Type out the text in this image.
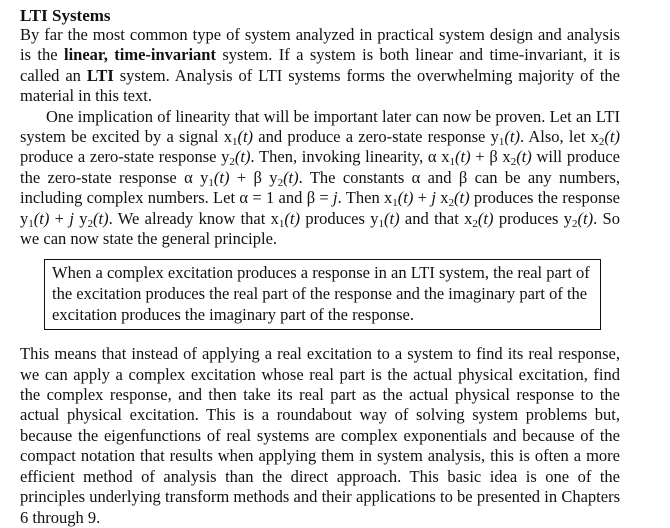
LTI Systems

By far the most common type of system analyzed in practical system design and analysis is the linear, time-invariant system. If a system is both linear and time-invariant, it is called an LTI system. Analysis of LTI systems forms the overwhelming majority of the material in this text.

One implication of linearity that will be important later can now be proven. Let an LTI system be excited by a signal $x_1(t)$ and produce a zero-state response $y_1(t)$. Also, let $x_2(t)$ produce a zero-state response $y_2(t)$. Then, invoking linearity, α $x_1(t) + \beta$ $x_2(t)$ will produce the zero-state response α $y_1(t) + \beta$ $y_2(t)$. The constants α and β can be any numbers, including complex numbers. Let α = 1 and β = j. Then $x_1(t) + j$ $x_2(t)$ produces the response $y_1(t) + j$ $y_2(t)$. We already know that $x_1(t)$ produces $y_1(t)$ and that $x_2(t)$ produces $y_2(t)$. So we can now state the general principle.

When a complex excitation produces a response in an LTI system, the real part of the excitation produces the real part of the response and the imaginary part of the excitation produces the imaginary part of the response.

This means that instead of applying a real excitation to a system to find its real response, we can apply a complex excitation whose real part is the actual physical excitation, find the complex response, and then take its real part as the actual physical response to the actual physical excitation. This is a roundabout way of solving system problems but, because the eigenfunctions of real systems are complex exponentials and because of the compact notation that results when applying them in system analysis, this is often a more efficient method of analysis than the direct approach. This basic idea is one of the principles underlying transform methods and their applications to be presented in Chapters 6 through 9.
